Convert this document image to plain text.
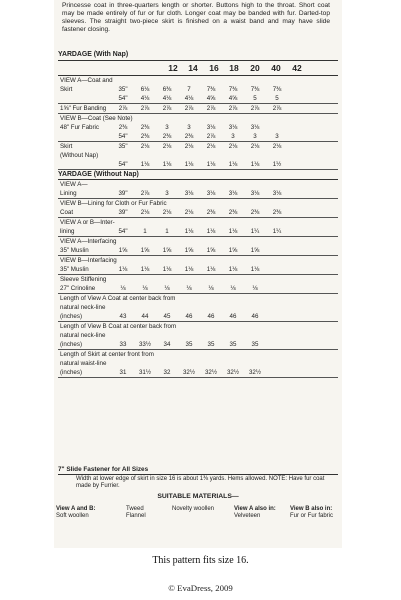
Princesse coat in three-quarters length or shorter. Buttons high to the throat. Short coat may be made entirely of fur or fur cloth. Longer coat may be banded with fur. Darted-top sleeves. The straight two-piece skirt is finished on a waist band and may have slide fastener closing.
YARDAGE (With Nap)
12	14	16	18	20	40	42
VIEW A—Coat and
Skirt	35"	6⅛	6⅜	7	7⅜	7⅜	7⅜	7⅜
54"	4⅛	4⅛	4⅛	4⅝	4⅝	5	5
1⅝" Fur Banding	2⅞	2⅞	2⅞	2⅞	2⅞	2⅞	2⅞	2⅞
VIEW B—Coat (See Note)
48" Fur Fabric	2⅜	2⅜	3	3	3⅛	3⅛	3⅛
54"	2⅜	2⅜	2⅜	2⅞	3	3	3
Skirt	35"	2⅛	2⅛	2⅛	2⅛	2⅛	2⅛	2⅛
(Without Nap)
54"	1⅛	1⅛	1⅛	1⅛	1⅛	1⅛	1½
YARDAGE (Without Nap)
VIEW A—
Lining	39"	2⅞	3	3⅛	3⅛	3⅛	3⅛	3⅛
VIEW B—Lining for Cloth or Fur Fabric
Coat	39"	2⅛	2⅛	2⅛	2⅜	2⅜	2⅜	2⅜
VIEW A or B—Inter-
lining	54"	1	1	1⅛	1⅛	1⅛	1¼	1¼
VIEW A—Interfacing
35" Muslin	1⅝	1⅝	1⅝	1⅝	1⅝	1⅝	1⅝
VIEW B—Interfacing
35" Muslin	1⅛	1⅛	1⅛	1⅛	1⅛	1⅛	1⅛
Sleeve Stiffening
27" Crinoline	⅛	⅛	⅛	⅛	⅛	⅛	⅛
Length of View A Coat at center back from
natural neck-line
(inches)	43	44	45	46	46	46	46
Length of View B Coat at center back from
natural neck-line
(inches)	33	33½	34	35	35	35	35
Length of Skirt at center front from
natural waist-line
(inches)	31	31½	32	32½	32½	32½	32½
7" Slide Fastener for All Sizes
Width at lower edge of skirt in size 16 is about 1⅜ yards. Hems allowed. NOTE: Have fur coat made by Furrier.
SUITABLE MATERIALS—
View A and B:
Soft woollen
Tweed Flannel
Novelty woollen	View A also in:
Velveteen
View B also in:
Fur or Fur fabric
This pattern fits size 16.
© EvaDress, 2009
